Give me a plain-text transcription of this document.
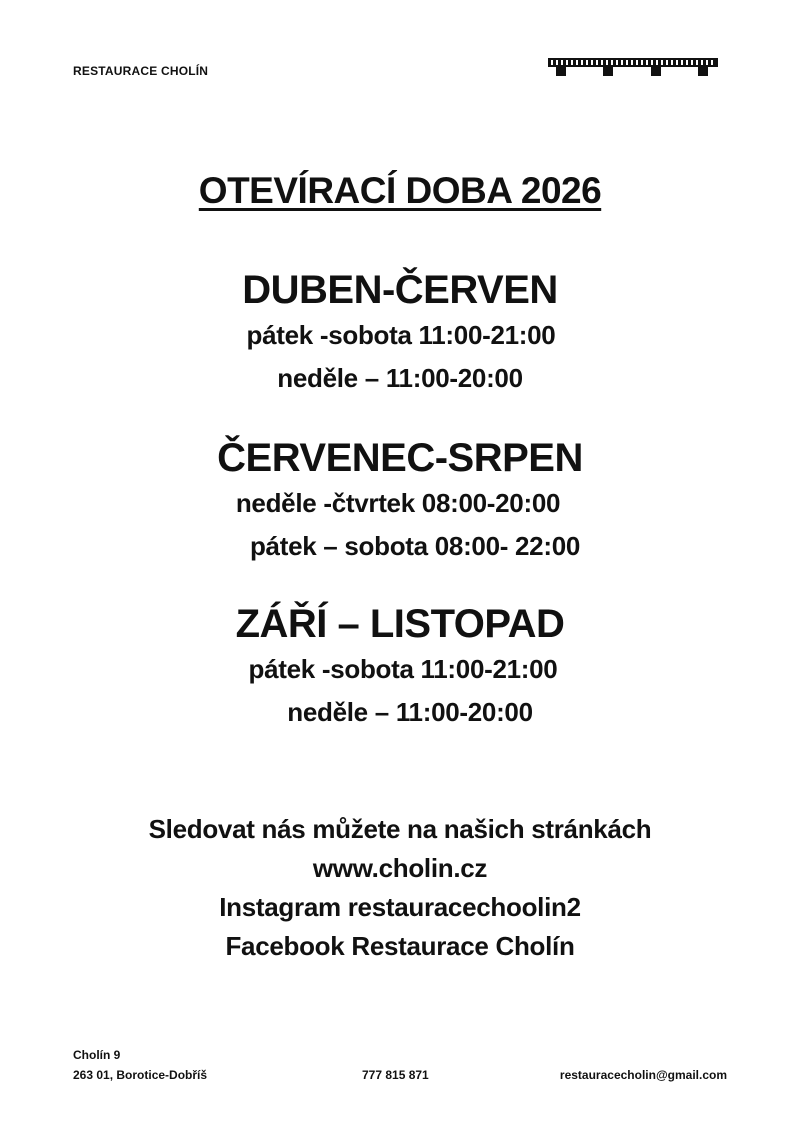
RESTAURACE CHOLÍN
OTEVÍRACÍ DOBA 2026

DUBEN-ČERVEN

pátek -sobota 11:00-21:00

neděle – 11:00-20:00

ČERVENEC-SRPEN

neděle -čtvrtek 08:00-20:00

pátek – sobota 08:00- 22:00

ZÁŘÍ – LISTOPAD

pátek -sobota 11:00-21:00

neděle – 11:00-20:00

Sledovat nás můžete na našich stránkách

www.cholin.cz

Instagram restauracechoolin2

Facebook Restaurace Cholín

Cholín 9
263 01, Borotice-Dobříš	777 815 871	restauracecholin@gmail.com
